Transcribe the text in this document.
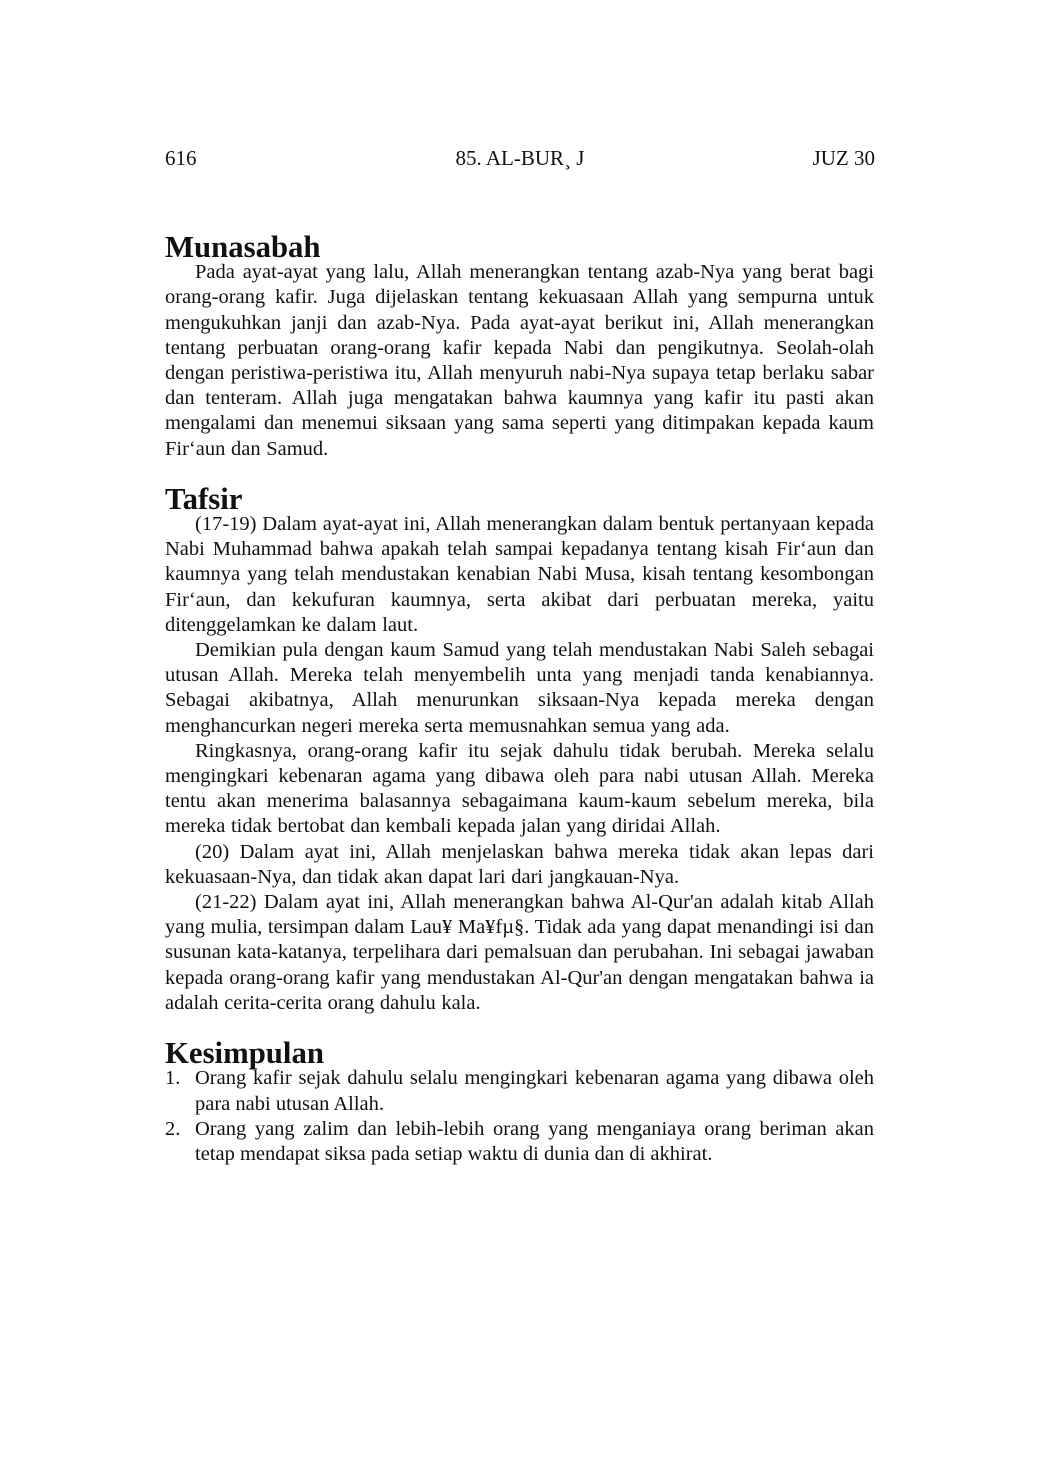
616	85. AL-BUR¸ J	JUZ 30
Munasabah

Pada ayat-ayat yang lalu, Allah menerangkan tentang azab-Nya yang berat bagi orang-orang kafir. Juga dijelaskan tentang kekuasaan Allah yang sempurna untuk mengukuhkan janji dan azab-Nya. Pada ayat-ayat berikut ini, Allah menerangkan tentang perbuatan orang-orang kafir kepada Nabi dan pengikutnya. Seolah-olah dengan peristiwa-peristiwa itu, Allah menyuruh nabi-Nya supaya tetap berlaku sabar dan tenteram. Allah juga mengatakan bahwa kaumnya yang kafir itu pasti akan mengalami dan menemui siksaan yang sama seperti yang ditimpakan kepada kaum Fir‘aun dan Samud.

Tafsir

(17-19) Dalam ayat-ayat ini, Allah menerangkan dalam bentuk pertanyaan kepada Nabi Muhammad bahwa apakah telah sampai kepadanya tentang kisah Fir‘aun dan kaumnya yang telah mendustakan kenabian Nabi Musa, kisah tentang kesombongan Fir‘aun, dan kekufuran kaumnya, serta akibat dari perbuatan mereka, yaitu ditenggelamkan ke dalam laut.

Demikian pula dengan kaum Samud yang telah mendustakan Nabi Saleh sebagai utusan Allah. Mereka telah menyembelih unta yang menjadi tanda kenabiannya. Sebagai akibatnya, Allah menurunkan siksaan-Nya kepada mereka dengan menghancurkan negeri mereka serta memusnahkan semua yang ada.

Ringkasnya, orang-orang kafir itu sejak dahulu tidak berubah. Mereka selalu mengingkari kebenaran agama yang dibawa oleh para nabi utusan Allah. Mereka tentu akan menerima balasannya sebagaimana kaum-kaum sebelum mereka, bila mereka tidak bertobat dan kembali kepada jalan yang diridai Allah.

(20) Dalam ayat ini, Allah menjelaskan bahwa mereka tidak akan lepas dari kekuasaan-Nya, dan tidak akan dapat lari dari jangkauan-Nya.

(21-22) Dalam ayat ini, Allah menerangkan bahwa Al-Qur'an adalah kitab Allah yang mulia, tersimpan dalam Lau¥ Ma¥fµ§. Tidak ada yang dapat menandingi isi dan susunan kata-katanya, terpelihara dari pemalsuan dan perubahan. Ini sebagai jawaban kepada orang-orang kafir yang mendustakan Al-Qur'an dengan mengatakan bahwa ia adalah cerita-cerita orang dahulu kala.

Kesimpulan
1. Orang kafir sejak dahulu selalu mengingkari kebenaran agama yang dibawa oleh para nabi utusan Allah.
2. Orang yang zalim dan lebih-lebih orang yang menganiaya orang beriman akan tetap mendapat siksa pada setiap waktu di dunia dan di akhirat.
